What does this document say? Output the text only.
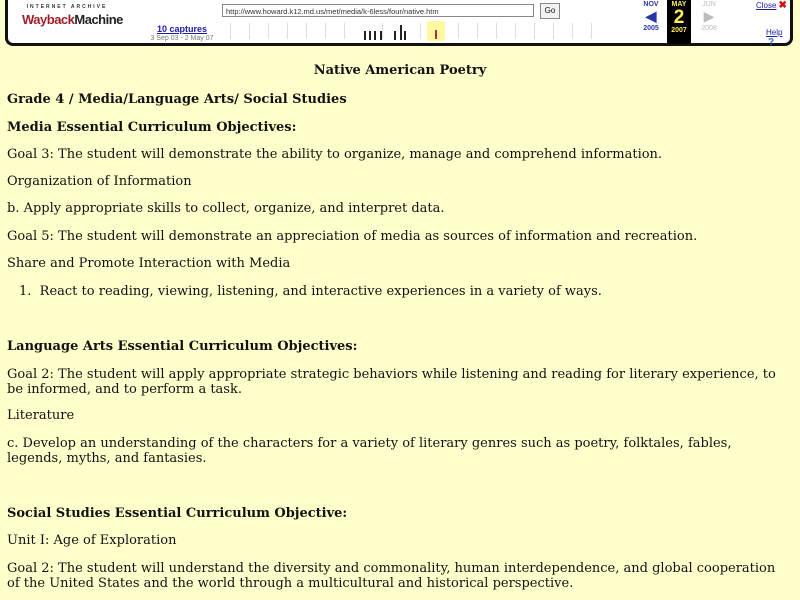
INTERNET ARCHIVE
WaybackMachine
10 captures
3 Sep 03 - 2 May 07
http://www.howard.k12.md.us/met/media/k-6less/four/native.htm	Go
NOV
◀
2005
MAY
2
2007
JUN
▶
2008
Close ✖
Help?
Native American Poetry
Grade 4 / Media/Language Arts/ Social Studies
Media Essential Curriculum Objectives:

Goal 3: The student will demonstrate the ability to organize, manage and comprehend information.

Organization of Information

b. Apply appropriate skills to collect, organize, and interpret data.

Goal 5: The student will demonstrate an appreciation of media as sources of information and recreation.

Share and Promote Interaction with Media

1.  React to reading, viewing, listening, and interactive experiences in a variety of ways.

Language Arts Essential Curriculum Objectives:

Goal 2: The student will apply appropriate strategic behaviors while listening and reading for literary experience, to be informed, and to perform a task.

Literature

c. Develop an understanding of the characters for a variety of literary genres such as poetry, folktales, fables, legends, myths, and fantasies.

Social Studies Essential Curriculum Objective:

Unit I: Age of Exploration

Goal 2: The student will understand the diversity and commonality, human interdependence, and global cooperation of the United States and the world through a multicultural and historical perspective.
